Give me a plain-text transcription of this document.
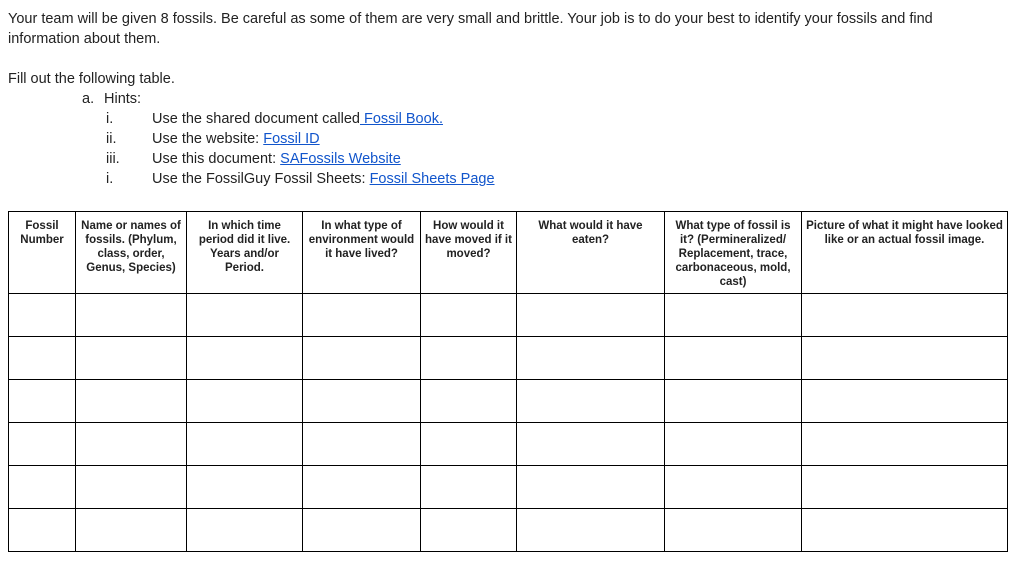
Your team will be given 8 fossils. Be careful as some of them are very small and brittle. Your job is to do your best to identify your fossils and find information about them.

Fill out the following table.

a. Hints:
i.	Use the shared document called Fossil Book.
ii. Use the website: Fossil ID
iii. Use this document: SAFossils Website
i.	Use the FossilGuy Fossil Sheets: Fossil Sheets Page
Fossil Number	Name or names of fossils. (Phylum, class, order, Genus, Species)	In which time period did it live. Years and/or Period.	In what type of environment would it have lived?	How would it have moved if it moved?	What would it have eaten?	What type of fossil is it? (Permineralized/ Replacement, trace, carbonaceous, mold, cast)	Picture of what it might have looked like or an actual fossil image.
